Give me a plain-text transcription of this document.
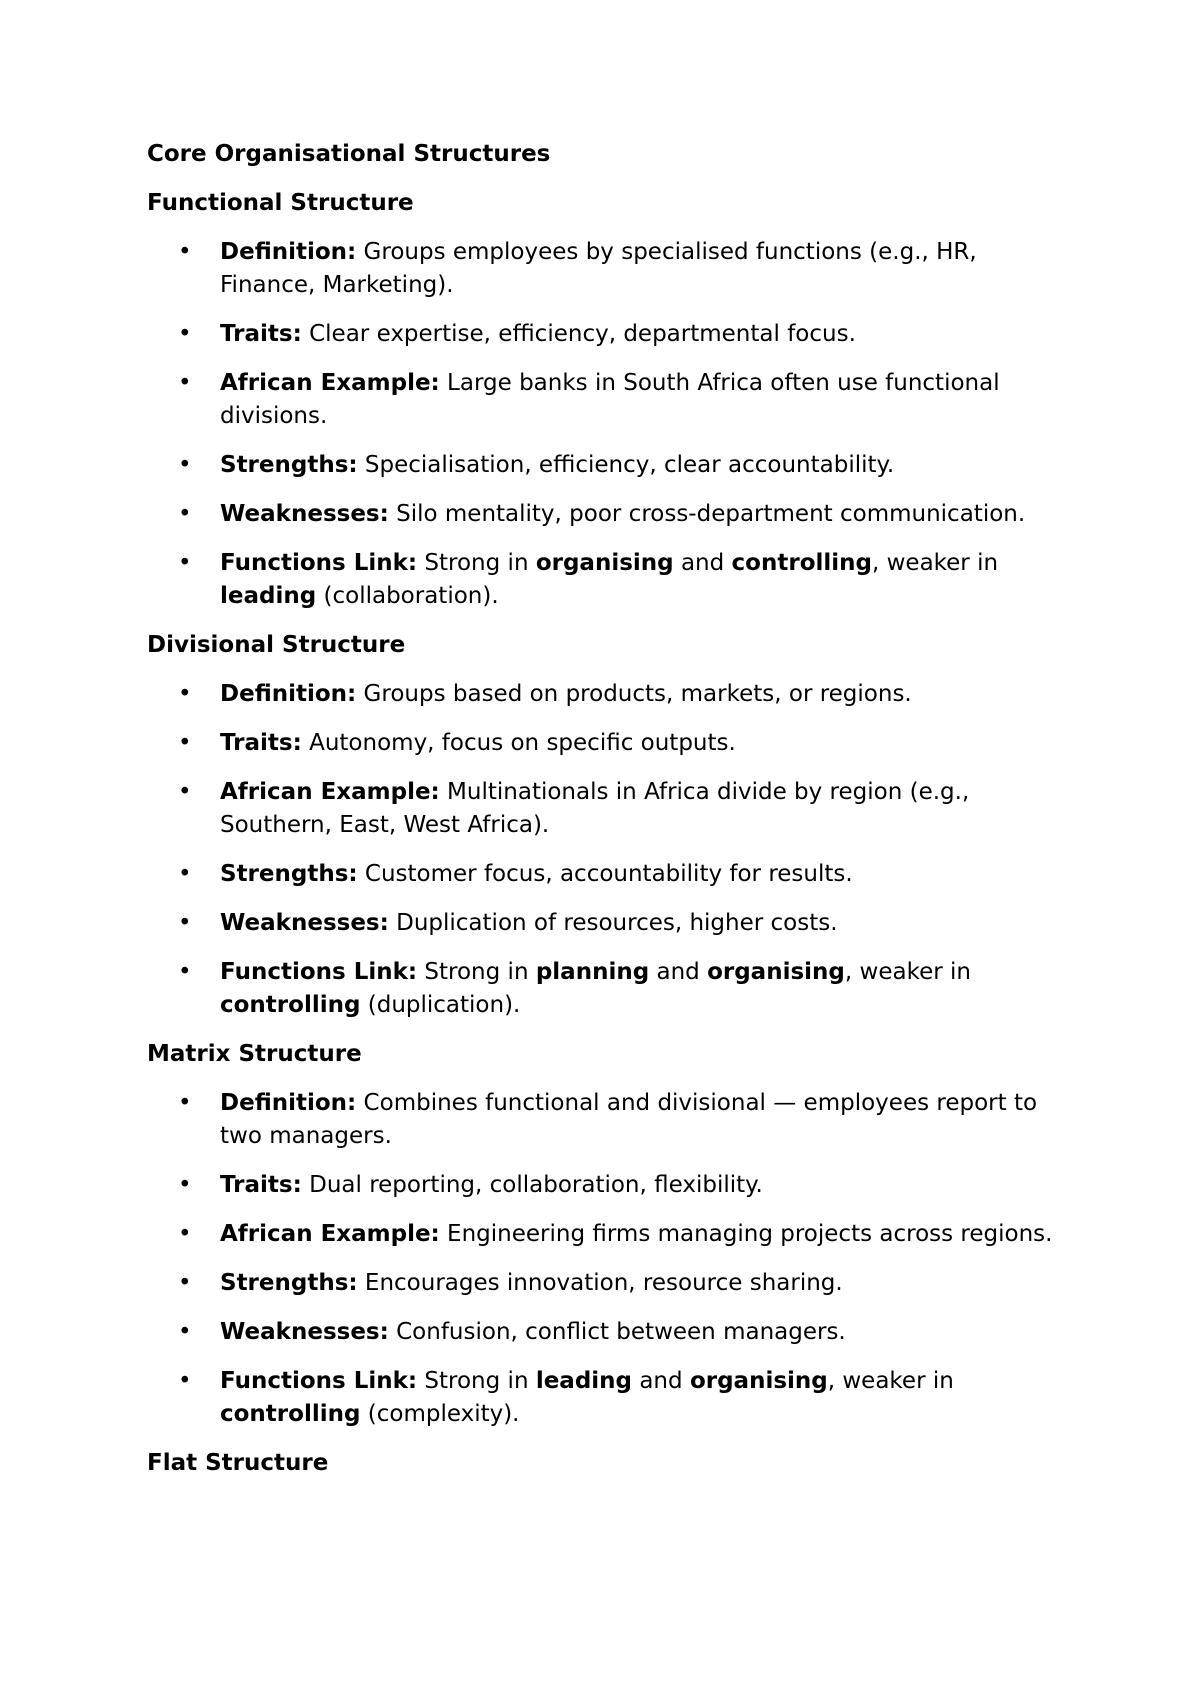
Core Organisational Structures
Functional Structure
• Definition: Groups employees by specialised functions (e.g., HR, Finance, Marketing).
• Traits: Clear expertise, efficiency, departmental focus.
• African Example: Large banks in South Africa often use functional divisions.
• Strengths: Specialisation, efficiency, clear accountability.
• Weaknesses: Silo mentality, poor cross-department communication.
• Functions Link: Strong in organising and controlling, weaker in leading (collaboration).
Divisional Structure
• Definition: Groups based on products, markets, or regions.
• Traits: Autonomy, focus on specific outputs.
• African Example: Multinationals in Africa divide by region (e.g., Southern, East, West Africa).
• Strengths: Customer focus, accountability for results.
• Weaknesses: Duplication of resources, higher costs.
• Functions Link: Strong in planning and organising, weaker in controlling (duplication).
Matrix Structure
• Definition: Combines functional and divisional — employees report to two managers.
• Traits: Dual reporting, collaboration, flexibility.
• African Example: Engineering firms managing projects across regions.
• Strengths: Encourages innovation, resource sharing.
• Weaknesses: Confusion, conflict between managers.
• Functions Link: Strong in leading and organising, weaker in controlling (complexity).
Flat Structure
